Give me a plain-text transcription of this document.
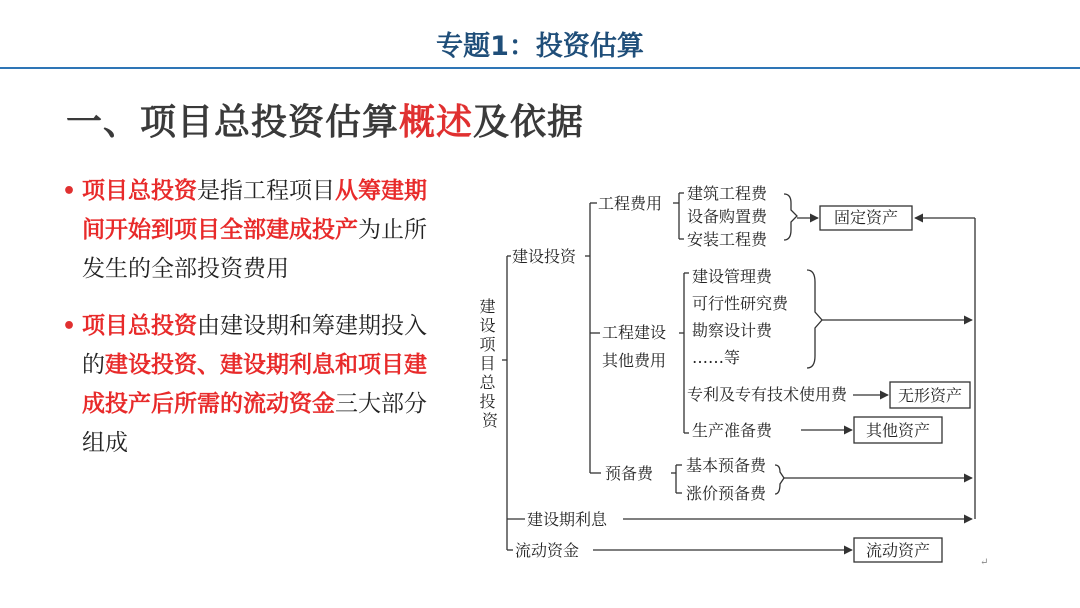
专题1：投资估算
一、项目总投资估算概述及依据
• 项目总投资是指工程项目从筹建期间开始到项目全部建成投产为止所发生的全部投资费用
• 项目总投资由建设期和筹建期投入的建设投资、建设期利息和项目建成投产后所需的流动资金三大部分组成
建 设 项 目 总 投 资
建设投资
工程费用
建筑工程费
设备购置费
安装工程费
固定资产
工程建设
其他费用
建设管理费
可行性研究费
勘察设计费
……等
专利及专有技术使用费	无形资产
生产准备费	其他资产
预备费 基本预备费
涨价预备费
建设期利息
流动资金	流动资产
↵
